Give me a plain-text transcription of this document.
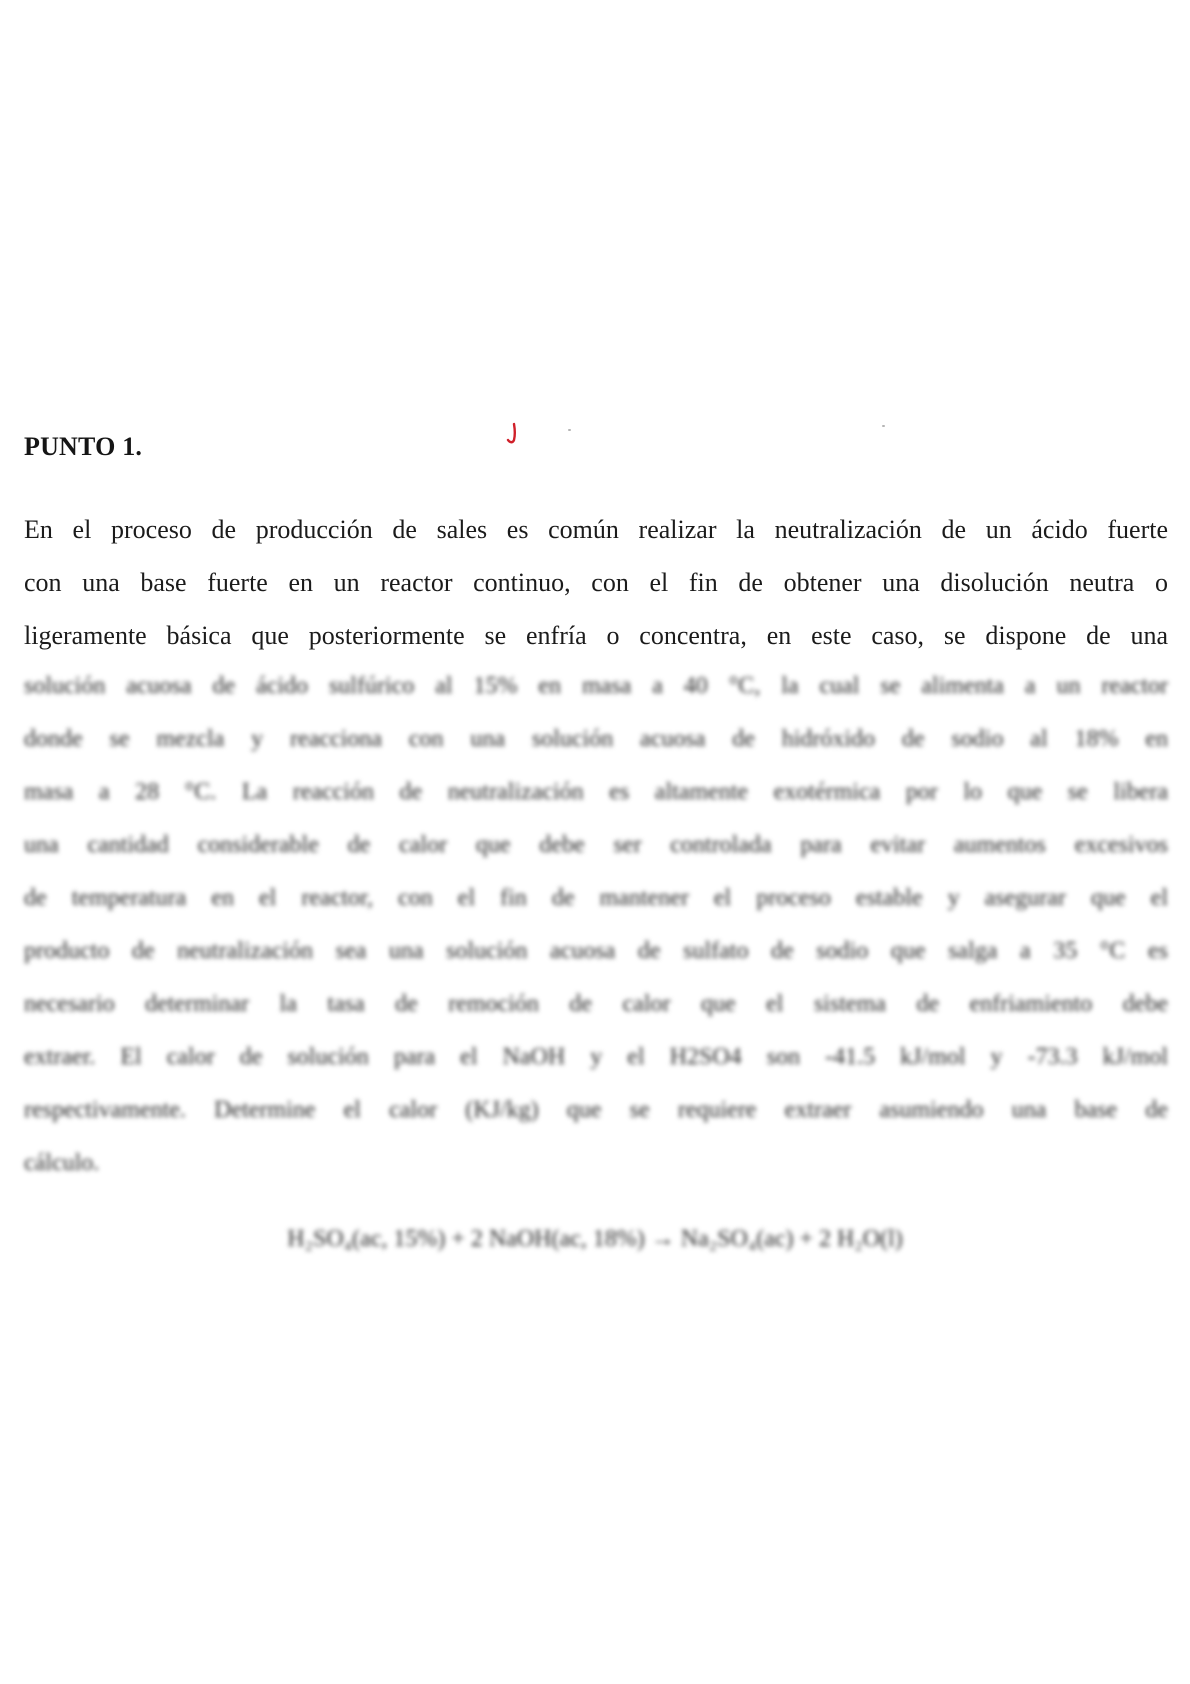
PUNTO 1.
En el proceso de producción de sales es común realizar la neutralización de un ácido fuerte
con una base fuerte en un reactor continuo, con el fin de obtener una disolución neutra o
ligeramente básica que posteriormente se enfría o concentra, en este caso, se dispone de una
solución acuosa de ácido sulfúrico al 15% en masa a 40 °C, la cual se alimenta a un reactor
donde se mezcla y reacciona con una solución acuosa de hidróxido de sodio al 18% en
masa a 28 °C. La reacción de neutralización es altamente exotérmica por lo que se libera
una cantidad considerable de calor que debe ser controlada para evitar aumentos excesivos
de temperatura en el reactor, con el fin de mantener el proceso estable y asegurar que el
producto de neutralización sea una solución acuosa de sulfato de sodio que salga a 35 °C es
necesario determinar la tasa de remoción de calor que el sistema de enfriamiento debe
extraer. El calor de solución para el NaOH y el H2SO4 son -41.5 kJ/mol y -73.3 kJ/mol
respectivamente. Determine el calor (KJ/kg) que se requiere extraer asumiendo una base de
cálculo.
H₂SO₄(ac, 15%) + 2 NaOH(ac, 18%) → Na₂SO₄(ac) + 2 H₂O(l)
